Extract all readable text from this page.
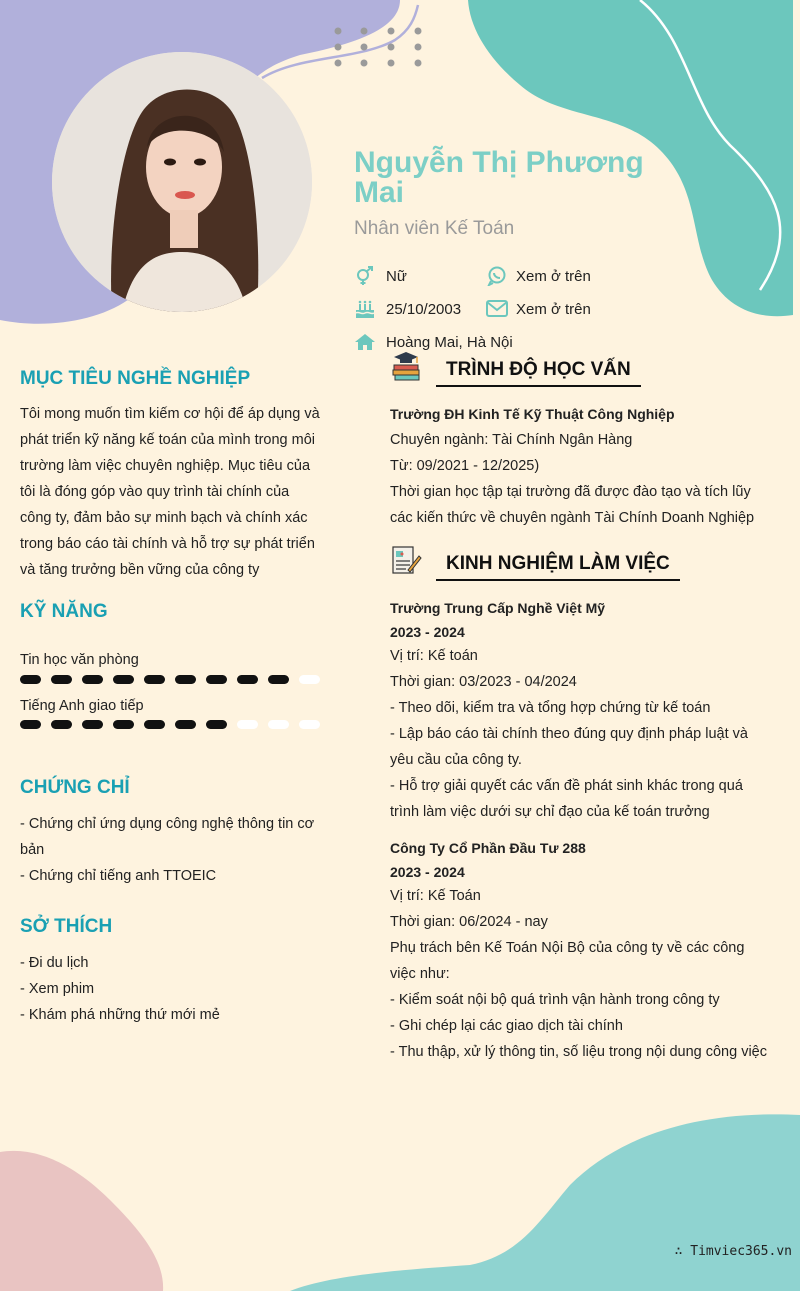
Nguyễn Thị Phương Mai
Nhân viên Kế Toán
Nữ	Xem ở trên
25/10/2003	Xem ở trên
Hoàng Mai, Hà Nội
MỤC TIÊU NGHỀ NGHIỆP
Tôi mong muốn tìm kiếm cơ hội để áp dụng và phát triển kỹ năng kế toán của mình trong môi trường làm việc chuyên nghiệp. Mục tiêu của tôi là đóng góp vào quy trình tài chính của công ty, đảm bảo sự minh bạch và chính xác trong báo cáo tài chính và hỗ trợ sự phát triển và tăng trưởng bền vững của công ty
KỸ NĂNG
Tin học văn phòng
Tiếng Anh giao tiếp
CHỨNG CHỈ
- Chứng chỉ ứng dụng công nghệ thông tin cơ bản
- Chứng chỉ tiếng anh TTOEIC
SỞ THÍCH
- Đi du lịch
- Xem phim
- Khám phá những thứ mới mẻ
TRÌNH ĐỘ HỌC VẤN
Trường ĐH Kinh Tế Kỹ Thuật Công Nghiệp
Chuyên ngành: Tài Chính Ngân Hàng
Từ: 09/2021 - 12/2025)
Thời gian học tập tại trường đã được đào tạo và tích lũy các kiến thức về chuyên ngành Tài Chính Doanh Nghiệp
KINH NGHIỆM LÀM VIỆC
Trường Trung Cấp Nghề Việt Mỹ
2023 - 2024
Vị trí: Kế toán
Thời gian: 03/2023 - 04/2024
- Theo dõi, kiểm tra và tổng hợp chứng từ kế toán
- Lập báo cáo tài chính theo đúng quy định pháp luật và yêu cầu của công ty.
- Hỗ trợ giải quyết các vấn đề phát sinh khác trong quá trình làm việc dưới sự chỉ đạo của kế toán trưởng
Công Ty Cổ Phần Đầu Tư 288
2023 - 2024
Vị trí: Kế Toán
Thời gian: 06/2024 - nay
Phụ trách bên Kế Toán Nội Bộ của công ty về các công việc như:
- Kiểm soát nội bộ quá trình vận hành trong công ty
- Ghi chép lại các giao dịch tài chính
- Thu thập, xử lý thông tin, số liệu trong nội dung công việc
∴ Timviec365.vn
